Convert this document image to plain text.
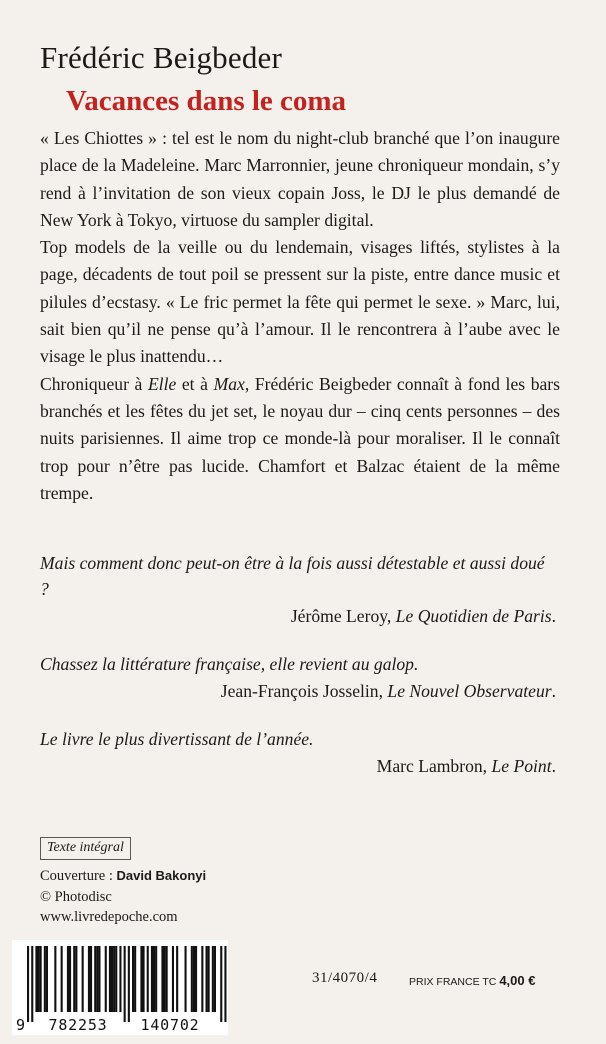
Frédéric Beigbeder
Vacances dans le coma

« Les Chiottes » : tel est le nom du night-club branché que l’on inaugure place de la Madeleine. Marc Marronnier, jeune chroniqueur mondain, s’y rend à l’invitation de son vieux copain Joss, le DJ le plus demandé de New York à Tokyo, virtuose du sampler digital.

Top models de la veille ou du lendemain, visages liftés, stylistes à la page, décadents de tout poil se pressent sur la piste, entre dance music et pilules d’ecstasy. « Le fric permet la fête qui permet le sexe. » Marc, lui, sait bien qu’il ne pense qu’à l’amour. Il le rencontrera à l’aube avec le visage le plus inattendu…

Chroniqueur à Elle et à Max, Frédéric Beigbeder connaît à fond les bars branchés et les fêtes du jet set, le noyau dur – cinq cents personnes – des nuits parisiennes. Il aime trop ce monde-là pour moraliser. Il le connaît trop pour n’être pas lucide. Chamfort et Balzac étaient de la même trempe.

Mais comment donc peut-on être à la fois aussi détestable et aussi doué ?
Jérôme Leroy, Le Quotidien de Paris.
Chassez la littérature française, elle revient au galop.
Jean-François Josselin, Le Nouvel Observateur.
Le livre le plus divertissant de l’année.
Marc Lambron, Le Point.
Texte intégral
Couverture : David Bakonyi
© Photodisc
www.livredepoche.com
9 782253 140702
31/4070/4	PRIX FRANCE TC 4,00 €
